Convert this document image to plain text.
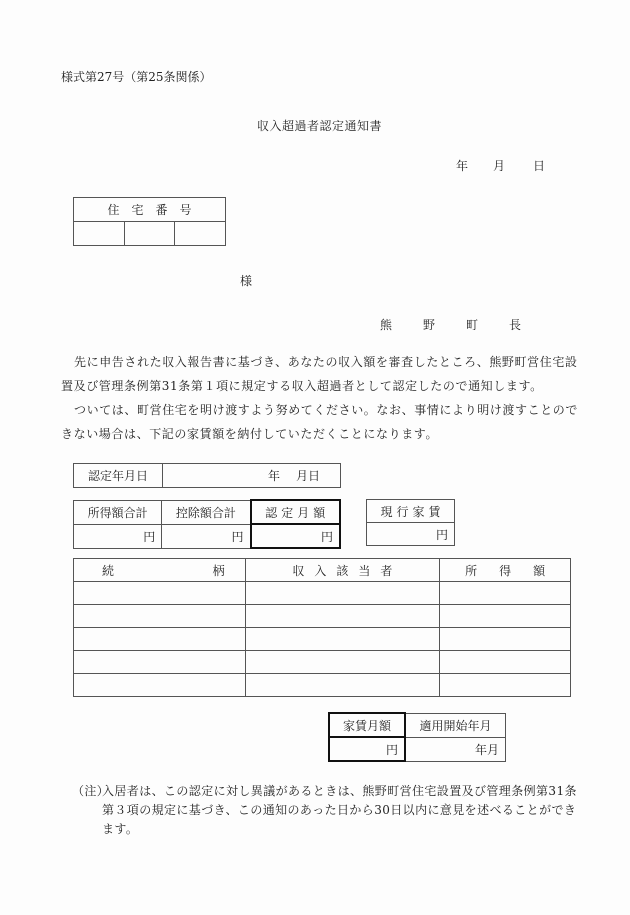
様式第27号（第25条関係）
収入超過者認定通知書
年 月 日
住宅番号

様
熊	野	町	長
先に申告された収入報告書に基づき、あなたの収入額を審査したところ、熊野町営住宅設置及び管理条例第31条第１項に規定する収入超過者として認定したので通知します。
ついては、町営住宅を明け渡すよう努めてください。なお、事情により明け渡すことのできない場合は、下記の家賃額を納付していただくことになります。
認定年月日	年 月日
所得額合計	控除額合計	認定月額
円	円	円
現行家賃
円
続 柄	収入該当者	所得額

家賃月額	適用開始年月
円	年月
（注）
入居者は、この認定に対し異議があるときは、熊野町営住宅設置及び管理条例第31条第３項の規定に基づき、この通知のあった日から30日以内に意見を述べることができます。
